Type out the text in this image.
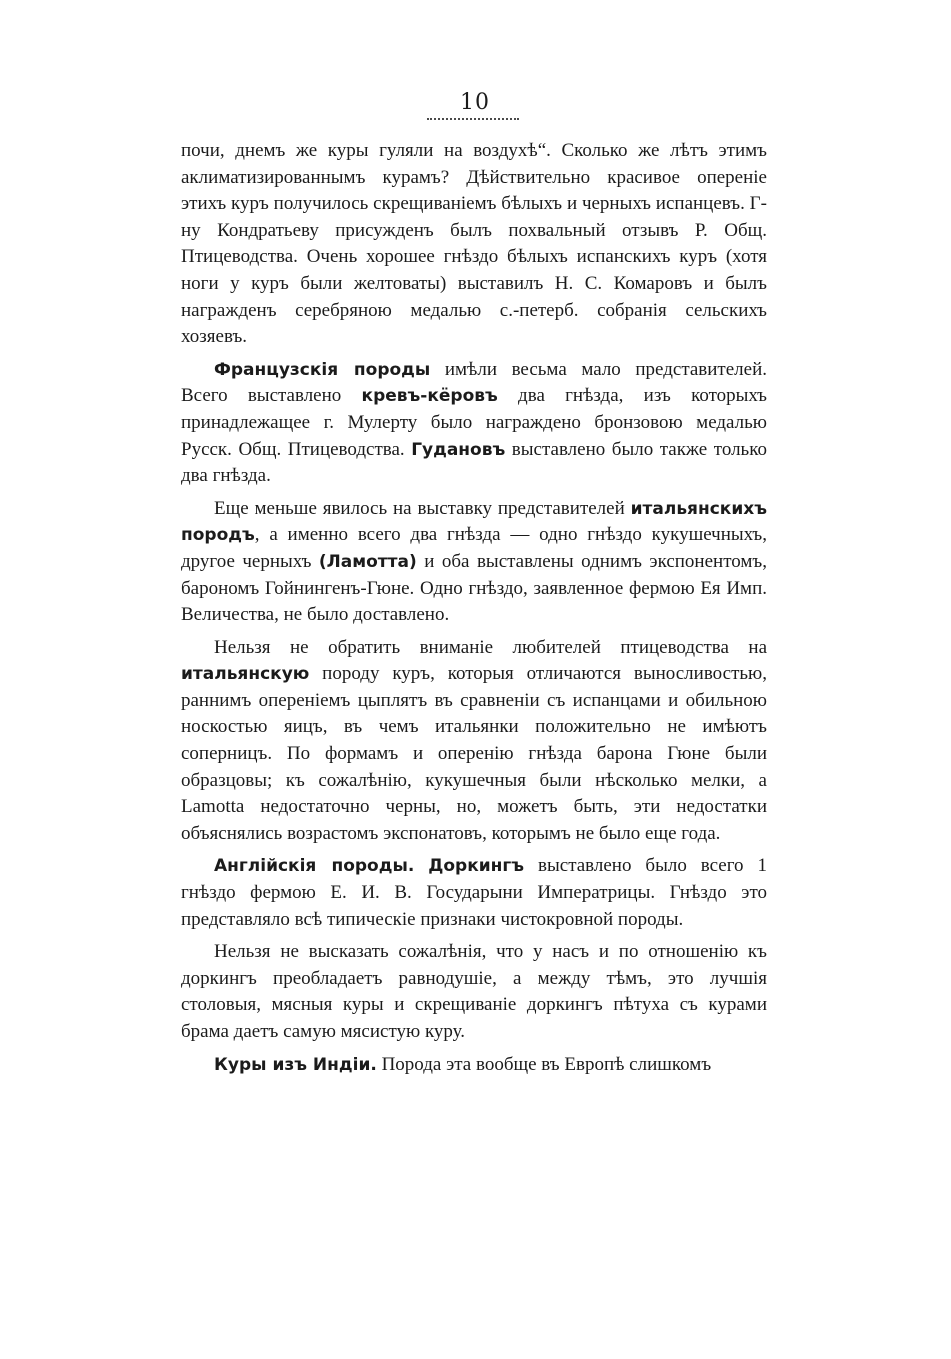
10

почи, днемъ же куры гуляли на воздухѣ“. Сколько же лѣтъ этимъ аклиматизированнымъ курамъ? Дѣйствительно красивое оперенiе этихъ куръ получилось скрещиванiемъ бѣлыхъ и черныхъ испанцевъ. Г-ну Кондратьеву присужденъ былъ похвальный отзывъ Р. Общ. Птицеводства. Очень хорошее гнѣздо бѣлыхъ испанскихъ куръ (хотя ноги у куръ были желтоваты) выставилъ Н. С. Комаровъ и былъ награжденъ серебряною медалью с.-петерб. собранiя сельскихъ хозяевъ.

Французскiя породы имѣли весьма мало представителей. Всего выставлено кревъ-кёровъ два гнѣзда, изъ которыхъ принадлежащее г. Мулерту было награждено бронзовою медалью Русск. Общ. Птицеводства. Гудановъ выставлено было также только два гнѣзда.

Еще меньше явилось на выставку представителей итальянскихъ породъ, а именно всего два гнѣзда — одно гнѣздо кукушечныхъ, другое черныхъ (Ламотта) и оба выставлены однимъ экспонентомъ, барономъ Гойнингенъ-Гюне. Одно гнѣздо, заявленное фермою Ея Имп. Величества, не было доставлено.

Нельзя не обратить вниманiе любителей птицеводства на итальянскую породу куръ, которыя отличаются выносливостью, раннимъ оперенiемъ цыплятъ въ сравненiи съ испанцами и обильною носкостью яицъ, въ чемъ итальянки положительно не имѣютъ соперницъ. По формамъ и оперенiю гнѣзда барона Гюне были образцовы; къ сожалѣнiю, кукушечныя были нѣсколько мелки, а Lamotta недостаточно черны, но, можетъ быть, эти недостатки объяснялись возрастомъ экспонатовъ, которымъ не было еще года.

Англiйскiя породы. Доркингъ выставлено было всего 1 гнѣздо фермою Е. И. В. Государыни Императрицы. Гнѣздо это представляло всѣ типическiе признаки чистокровной породы.

Нельзя не высказать сожалѣнiя, что у насъ и по отношенiю къ доркингъ преобладаетъ равнодушiе, а между тѣмъ, это лучшiя столовыя, мясныя куры и скрещиванiе доркингъ пѣтуха съ курами брама даетъ самую мясистую куру.

Куры изъ Индiи. Порода эта вообще въ Европѣ слишкомъ
